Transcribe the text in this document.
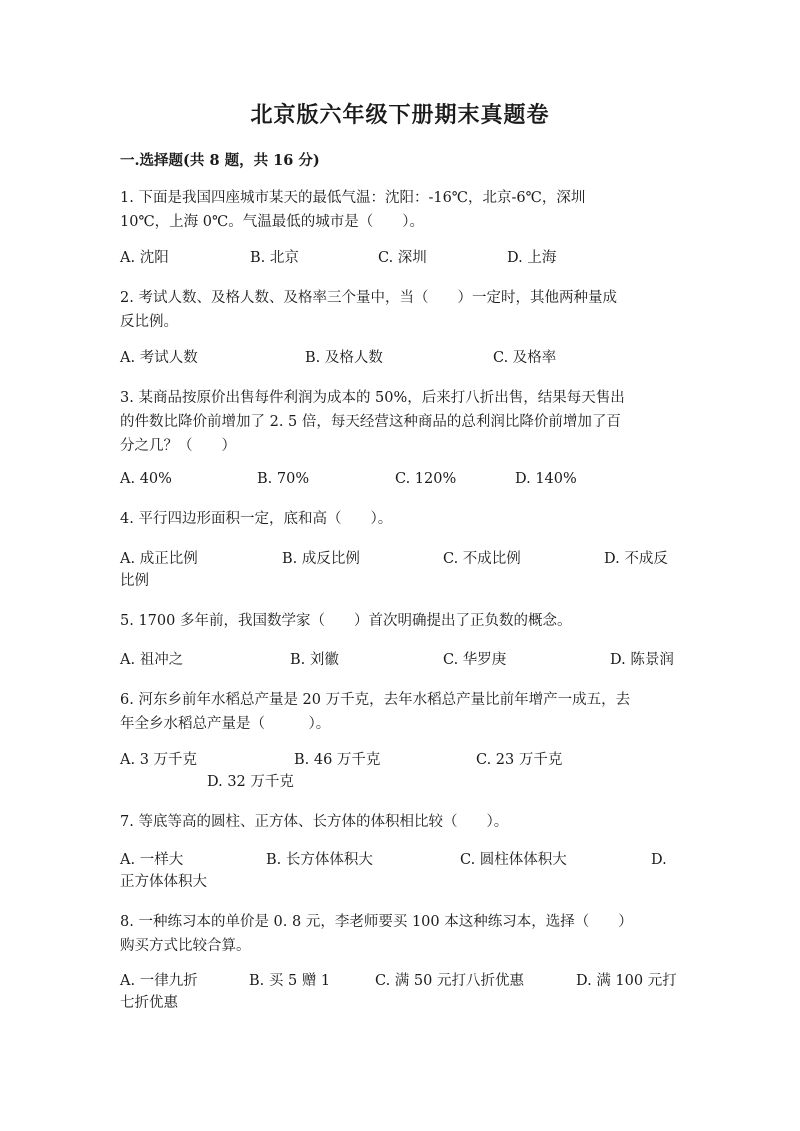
北京版六年级下册期末真题卷
一.选择题(共 8 题，共 16 分)
1. 下面是我国四座城市某天的最低气温：沈阳：-16℃，北京-6℃，深圳
10℃，上海 0℃。气温最低的城市是（　　）。
A. 沈阳	B. 北京	C. 深圳	D. 上海
2. 考试人数、及格人数、及格率三个量中，当（　　）一定时，其他两种量成
反比例。
A. 考试人数	B. 及格人数	C. 及格率
3. 某商品按原价出售每件利润为成本的 50%，后来打八折出售，结果每天售出
的件数比降价前增加了 2. 5 倍，每天经营这种商品的总利润比降价前增加了百
分之几？（　　）
A. 40%	B. 70%	C. 120%	D. 140%
4. 平行四边形面积一定，底和高（　　）。
A. 成正比例	B. 成反比例	C. 不成比例	D. 不成反
比例
5. 1700 多年前，我国数学家（　　）首次明确提出了正负数的概念。
A. 祖冲之	B. 刘徽	C. 华罗庚	D. 陈景润
6. 河东乡前年水稻总产量是 20 万千克，去年水稻总产量比前年增产一成五，去
年全乡水稻总产量是（　　　）。
A. 3 万千克	B. 46 万千克	C. 23 万千克
D. 32 万千克
7. 等底等高的圆柱、正方体、长方体的体积相比较（　　）。
A. 一样大	B. 长方体体积大	C. 圆柱体体积大	D.
正方体体积大
8. 一种练习本的单价是 0. 8 元，李老师要买 100 本这种练习本，选择（　　）
购买方式比较合算。
A. 一律九折	B. 买 5 赠 1	C. 满 50 元打八折优惠	D. 满 100 元打
七折优惠
